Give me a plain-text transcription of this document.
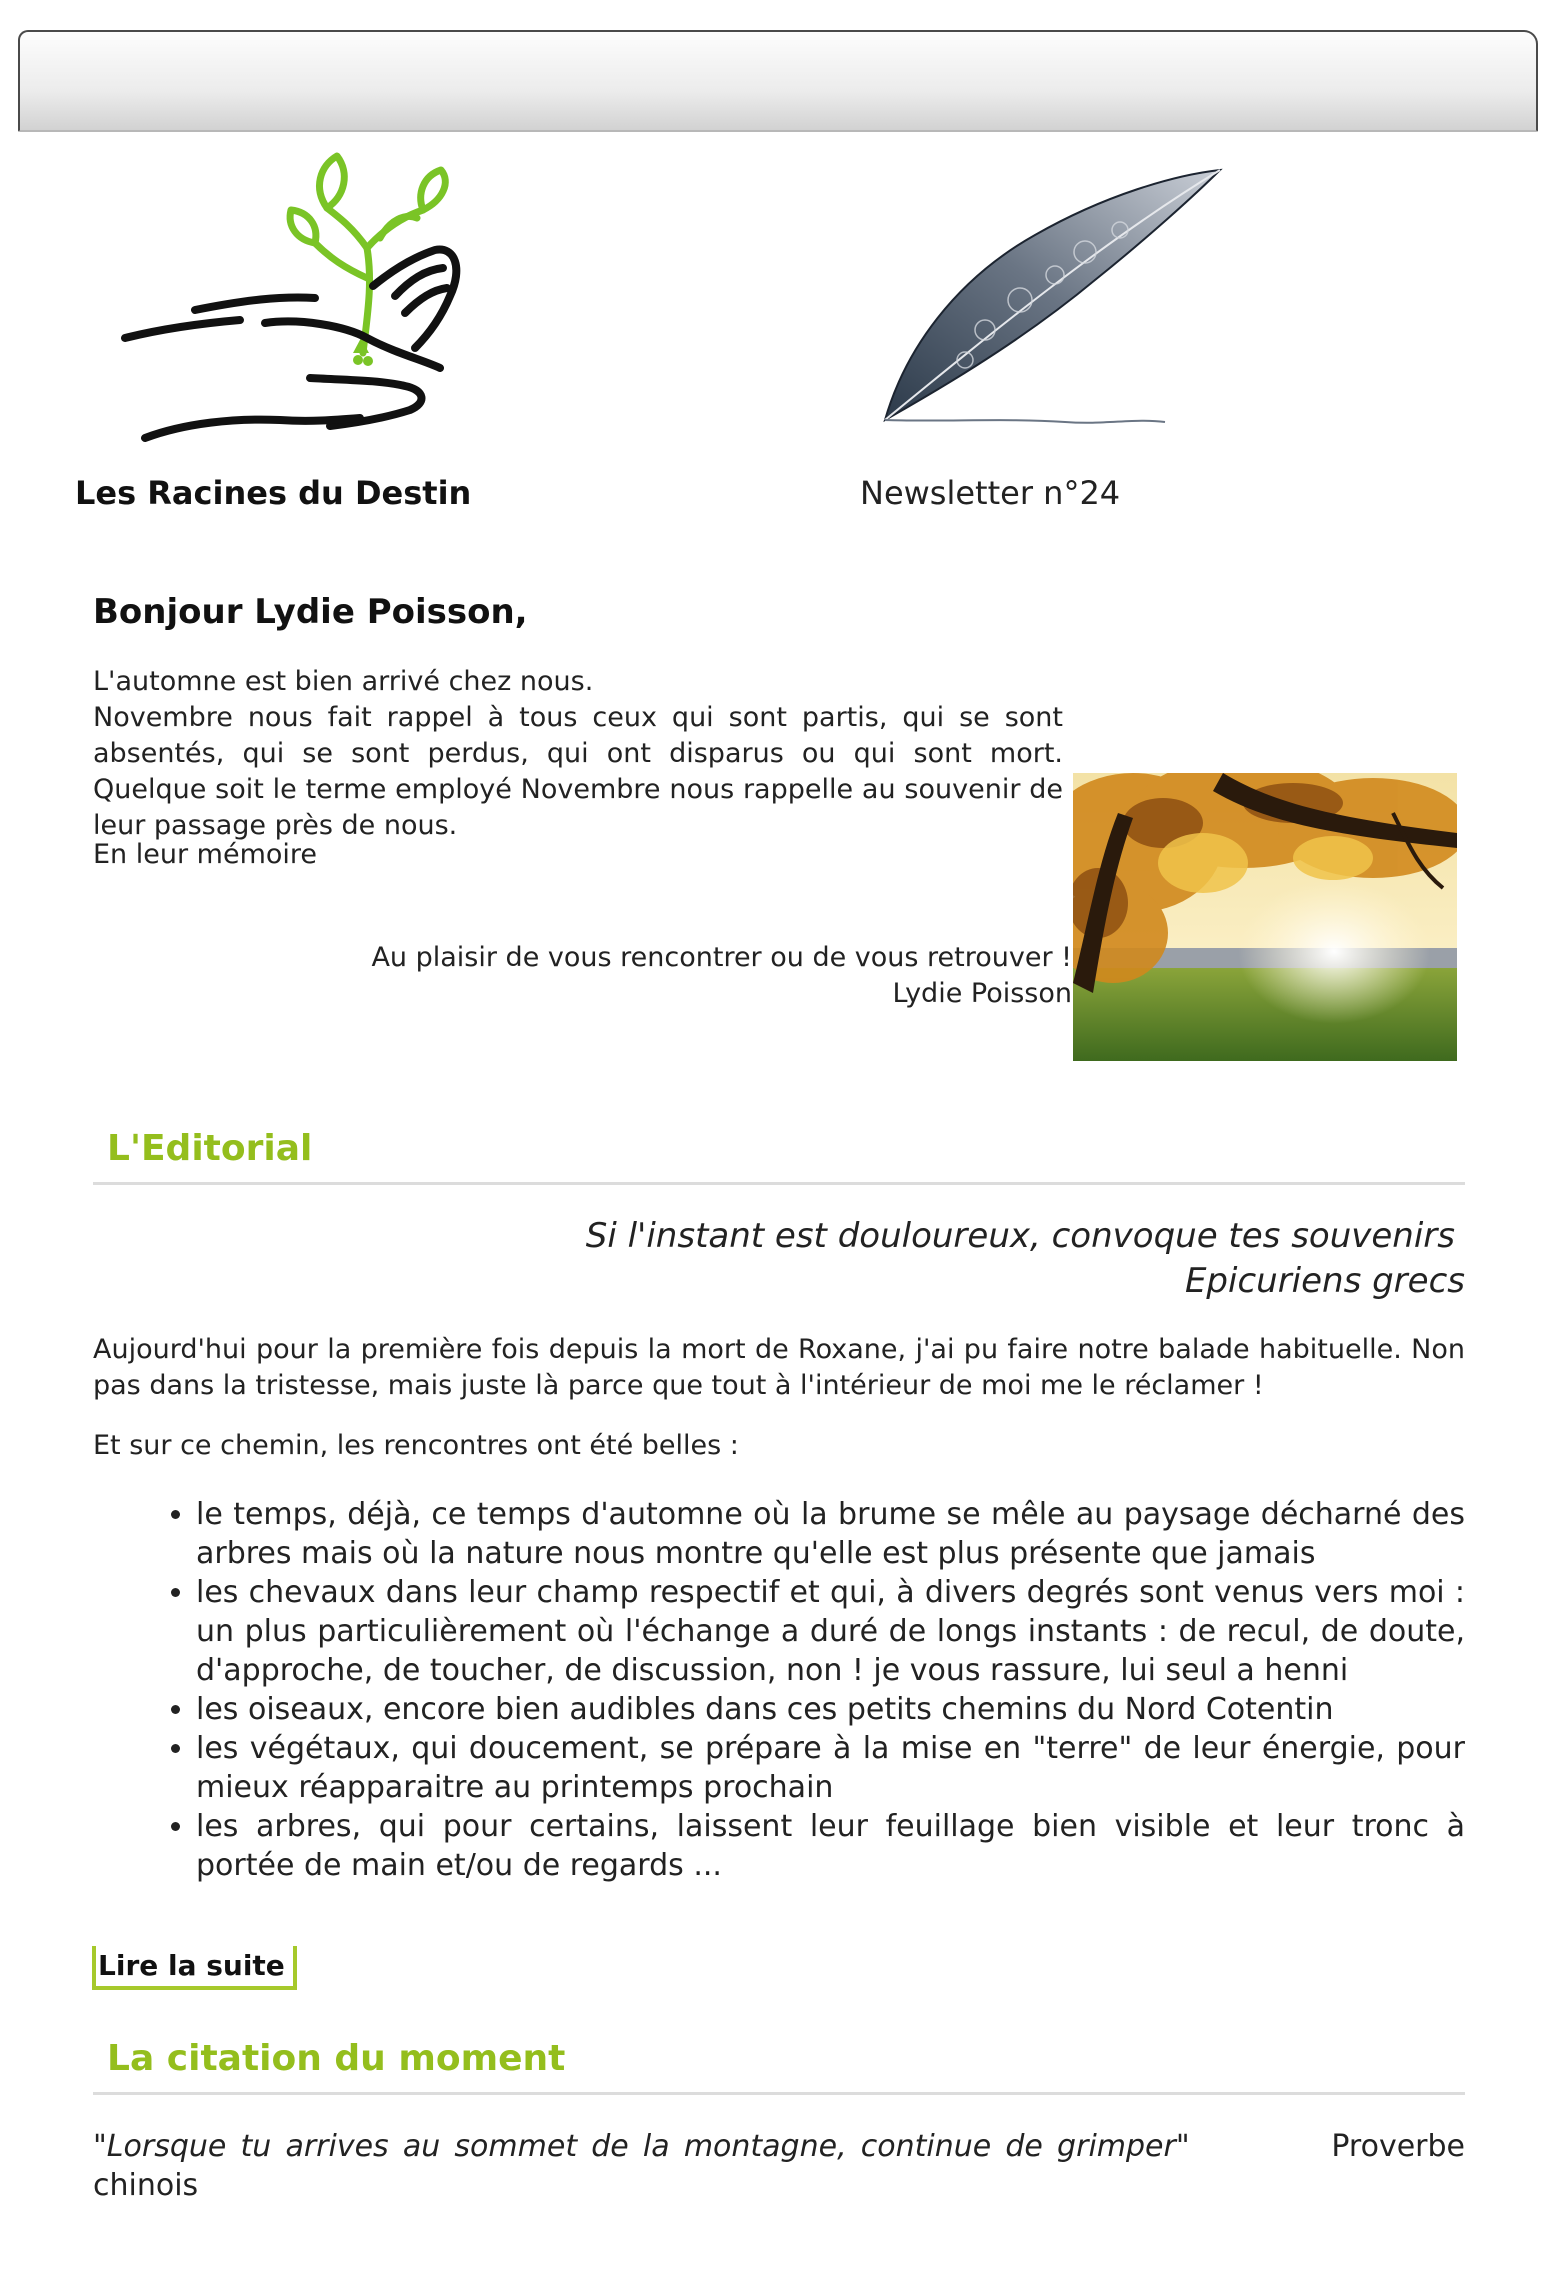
Les Racines du Destin	Newsletter n°24
Bonjour Lydie Poisson,

L'automne est bien arrivé chez nous.

Novembre nous fait rappel à tous ceux qui sont partis, qui se sont absentés, qui se sont perdus, qui ont disparus ou qui sont mort. Quelque soit le terme employé Novembre nous rappelle au souvenir de leur passage près de nous.

En leur mémoire
Au plaisir de vous rencontrer ou de vous retrouver !
Lydie Poisson
L'Editorial
Si l'instant est douloureux, convoque tes souvenirs
Epicuriens grecs

Aujourd'hui pour la première fois depuis la mort de Roxane, j'ai pu faire notre balade habituelle. Non pas dans la tristesse, mais juste là parce que tout à l'intérieur de moi me le réclamer !

Et sur ce chemin, les rencontres ont été belles :

• le temps, déjà, ce temps d'automne où la brume se mêle au paysage décharné des arbres mais où la nature nous montre qu'elle est plus présente que jamais
• les chevaux dans leur champ respectif et qui, à divers degrés sont venus vers moi : un plus particulièrement où l'échange a duré de longs instants : de recul, de doute, d'approche, de toucher, de discussion, non ! je vous rassure, lui seul a henni
• les oiseaux, encore bien audibles dans ces petits chemins du Nord Cotentin
• les végétaux, qui doucement, se prépare à la mise en "terre" de leur énergie, pour mieux réapparaitre au printemps prochain
• les arbres, qui pour certains, laissent leur feuillage bien visible et leur tronc à portée de main et/ou de regards ...
Lire la suite
La citation du moment
"Lorsque tu arrives au sommet de la montagne, continue de grimper"	Proverbe chinois
